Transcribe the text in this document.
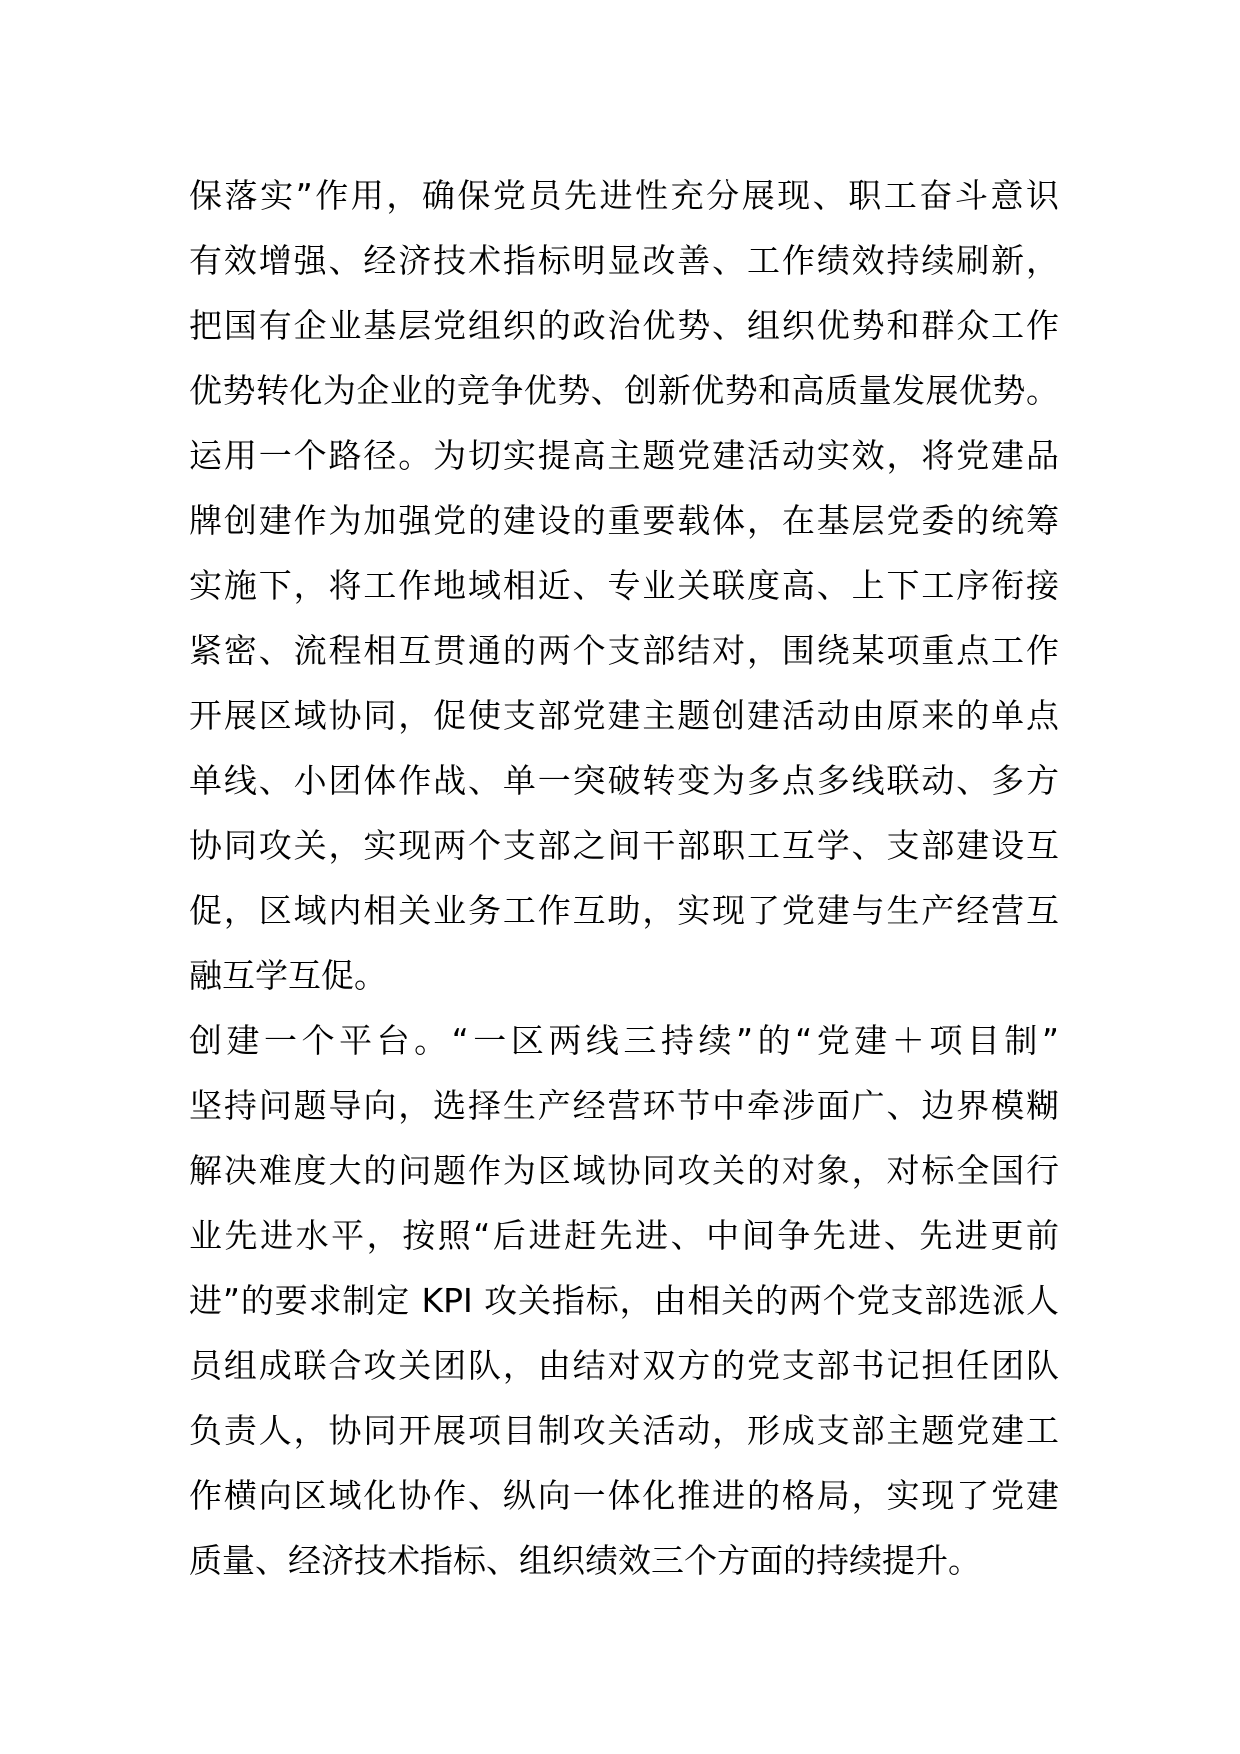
保落实”作用，确保党员先进性充分展现、职工奋斗意识
有效增强、经济技术指标明显改善、工作绩效持续刷新，
把国有企业基层党组织的政治优势、组织优势和群众工作
优势转化为企业的竞争优势、创新优势和高质量发展优势。

运用一个路径。为切实提高主题党建活动实效，将党建品
牌创建作为加强党的建设的重要载体，在基层党委的统筹
实施下，将工作地域相近、专业关联度高、上下工序衔接
紧密、流程相互贯通的两个支部结对，围绕某项重点工作
开展区域协同，促使支部党建主题创建活动由原来的单点
单线、小团体作战、单一突破转变为多点多线联动、多方
协同攻关，实现两个支部之间干部职工互学、支部建设互
促，区域内相关业务工作互助，实现了党建与生产经营互
融互学互促。

创建一个平台。“一区两线三持续”的“党建＋项目制”
坚持问题导向，选择生产经营环节中牵涉面广、边界模糊
解决难度大的问题作为区域协同攻关的对象，对标全国行
业先进水平，按照“后进赶先进、中间争先进、先进更前
进”的要求制定 KPI 攻关指标，由相关的两个党支部选派人
员组成联合攻关团队，由结对双方的党支部书记担任团队
负责人，协同开展项目制攻关活动，形成支部主题党建工
作横向区域化协作、纵向一体化推进的格局，实现了党建
质量、经济技术指标、组织绩效三个方面的持续提升。
